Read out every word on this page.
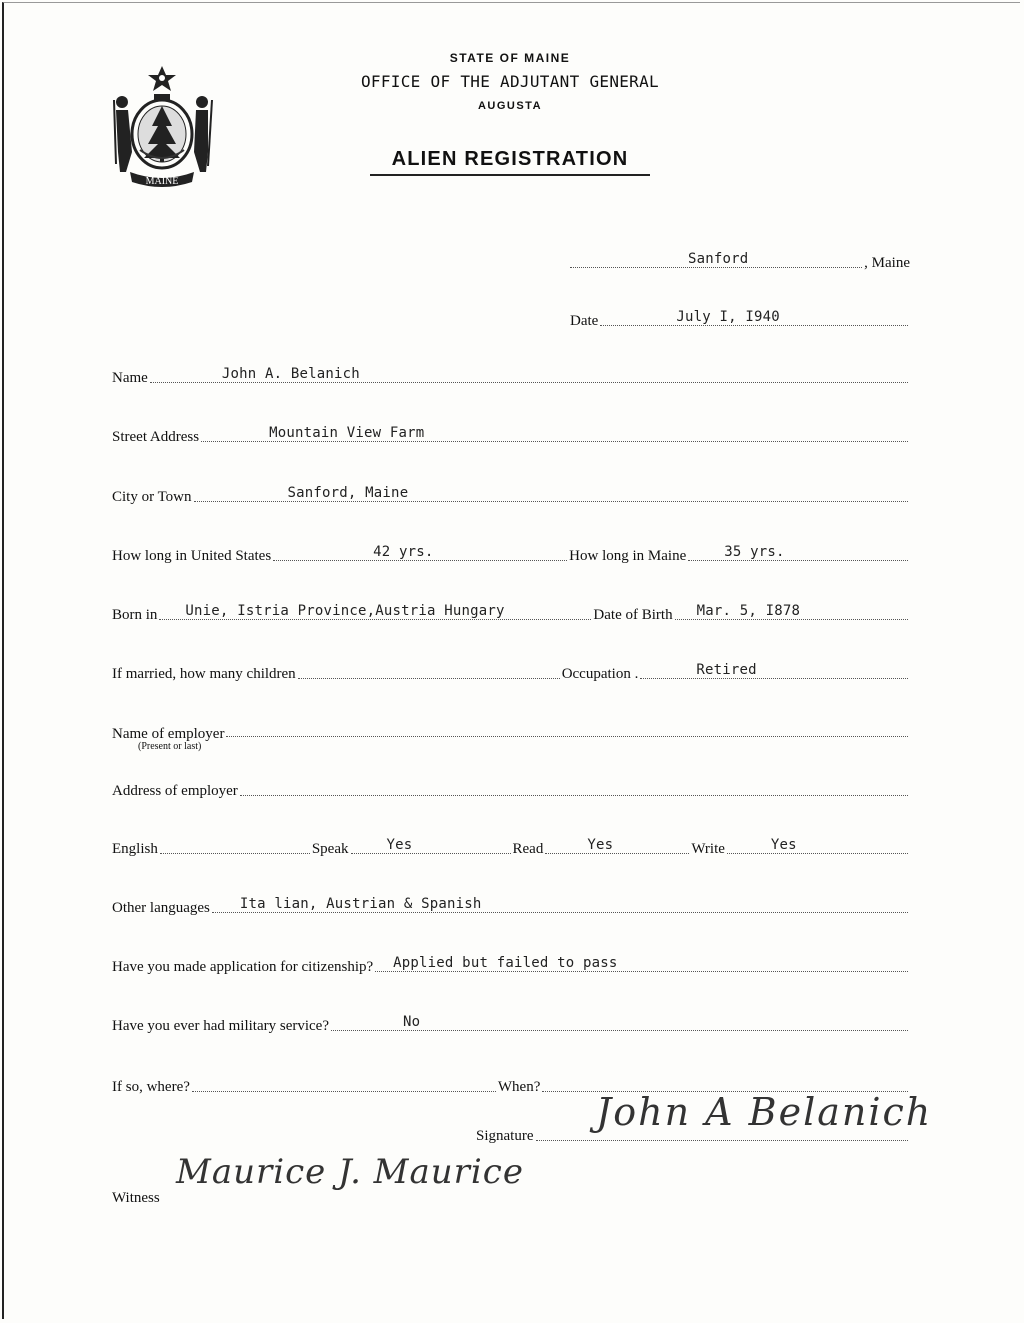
MAINE
STATE OF MAINE
OFFICE OF THE ADJUTANT GENERAL
AUGUSTA
ALIEN REGISTRATION
Sanford	, Maine
Date	July I, I940
Name	John A. Belanich
Street Address	Mountain View Farm
City or Town	Sanford, Maine
How long in United States	42 yrs.	How long in Maine	35 yrs.
Born in Unie, Istria Province,Austria Hungary	Date of Birth Mar. 5, I878
If married, how many children	Occupation .	Retired
Name of employer
(Present or last)
Address of employer
English	Speak	Yes	Read	Yes	Write	Yes
Other languages Ita lian, Austrian & Spanish
Have you made application for citizenship? Applied but failed to pass
Have you ever had military service?	No
If so, where?	When?
Signature
John A Belanich
Witness
Maurice J. Maurice
